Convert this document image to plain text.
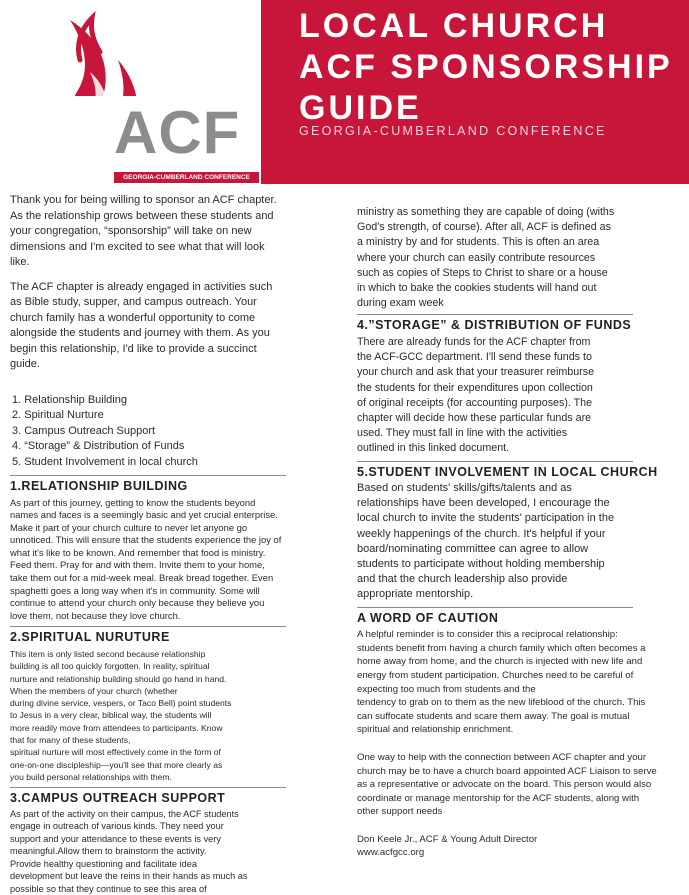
ACF
GEORGIA-CUMBERLAND CONFERENCE
LOCAL CHURCH
ACF SPONSORSHIP
GUIDE
GEORGIA-CUMBERLAND CONFERENCE

Thank you for being willing to sponsor an ACF chapter. As the relationship grows between these students and your congregation, “sponsorship” will take on new dimensions and I'm excited to see what that will look like.

The ACF chapter is already engaged in activities such as Bible study, supper, and campus outreach. Your church family has a wonderful opportunity to come alongside the students and journey with them. As you begin this relationship, I'd like to provide a succinct guide.

1. Relationship Building
2. Spiritual Nurture
3. Campus Outreach Support
4. “Storage” & Distribution of Funds
5. Student Involvement in local church
1.RELATIONSHIP BUILDING
As part of this journey, getting to know the students beyond names and faces is a seemingly basic and yet crucial enterprise. Make it part of your church culture to never let anyone go unnoticed. This will ensure that the students experience the joy of what it's like to be known. And remember that food is ministry. Feed them. Pray for and with them. Invite them to your home, take them out for a mid-week meal. Break bread together. Even spaghetti goes a long way when it's in community. Some will continue to attend your church only because they believe you love them, not because they love church.
2.SPIRITUAL NURUTURE
This item is only listed second because relationship
building is all too quickly forgotten. In reality, spiritual
nurture and relationship building should go hand in hand.
When the members of your church (whether
during divine service, vespers, or Taco Bell) point students
to Jesus in a very clear, biblical way, the students will
more readily move from attendees to participants. Know
that for many of these students,
spiritual nurture will most effectively come in the form of
one-on-one discipleship—you'll see that more clearly as
you build personal relationships with them.
3.CAMPUS OUTREACH SUPPORT
As part of the activity on their campus, the ACF students
engage in outreach of various kinds. They need your
support and your attendance to these events is very
meaningful.Allow them to brainstorm the activity.
Provide healthy questioning and facilitate idea
development but leave the reins in their hands as much as
possible so that they continue to see this area of
ministry as something they are capable of doing (withs
God's strength, of course). After all, ACF is defined as
a ministry by and for students. This is often an area
where your church can easily contribute resources
such as copies of Steps to Christ to share or a house
in which to bake the cookies students will hand out
during exam week
4.”STORAGE” & DISTRIBUTION OF FUNDS
There are already funds for the ACF chapter from
the ACF-GCC department. I'll send these funds to
your church and ask that your treasurer reimburse
the students for their expenditures upon collection
of original receipts (for accounting purposes). The
chapter will decide how these particular funds are
used. They must fall in line with the activities
outlined in this linked document.
5.STUDENT INVOLVEMENT IN LOCAL CHURCH
Based on students' skills/gifts/talents and as
relationships have been developed, I encourage the
local church to invite the students' participation in the
weekly happenings of the church. It's helpful if your
board/nominating committee can agree to allow
students to participate without holding membership
and that the church leadership also provide
appropriate mentorship.
A WORD OF CAUTION
A helpful reminder is to consider this a reciprocal relationship:
students benefit from having a church family which often becomes a
home away from home, and the church is injected with new life and
energy from student participation. Churches need to be careful of
expecting too much from students and the
tendency to grab on to them as the new lifeblood of the church. This
can suffocate students and scare them away. The goal is mutual
spiritual and relationship enrichment.
One way to help with the connection between ACF chapter and your
church may be to have a church board appointed ACF Liaison to serve
as a representative or advocate on the board. This person would also
coordinate or manage mentorship for the ACF students, along with
other support needs
Don Keele Jr., ACF & Young Adult Director
www.acfgcc.org
